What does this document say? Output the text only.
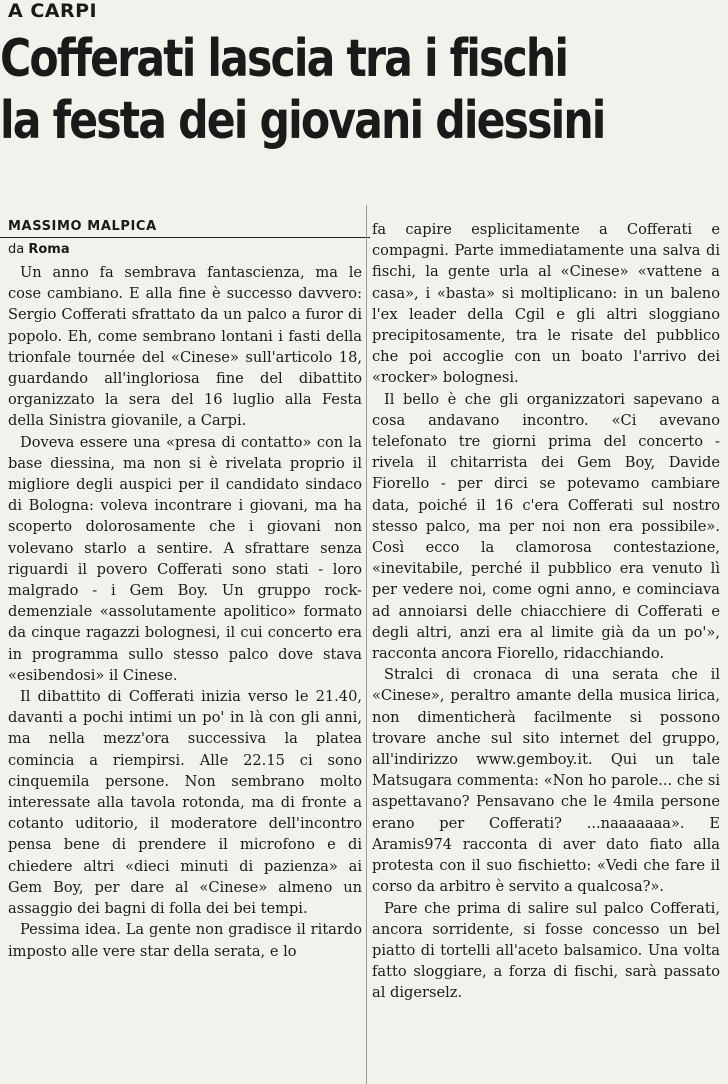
A CARPI
Cofferati lascia tra i fischi
la festa dei giovani diessini
MASSIMO MALPICA
da Roma

Un anno fa sembrava fantascienza, ma le cose cambiano. E alla fine è successo davvero: Sergio Cofferati sfrattato da un palco a furor di popolo. Eh, come sembrano lontani i fasti della trionfale tournée del «Cinese» sull'articolo 18, guardando all'ingloriosa fine del dibattito organizzato la sera del 16 luglio alla Festa della Sinistra giovanile, a Carpi.

Doveva essere una «presa di contatto» con la base diessina, ma non si è rivelata proprio il migliore degli auspici per il candidato sindaco di Bologna: voleva incontrare i giovani, ma ha scoperto dolorosamente che i giovani non volevano starlo a sentire. A sfrattare senza riguardi il povero Cofferati sono stati - loro malgrado - i Gem Boy. Un gruppo rock-demenziale «assolutamente apolitico» formato da cinque ragazzi bolognesi, il cui concerto era in programma sullo stesso palco dove stava «esibendosi» il Cinese.

Il dibattito di Cofferati inizia verso le 21.40, davanti a pochi intimi un po' in là con gli anni, ma nella mezz'ora successiva la platea comincia a riempirsi. Alle 22.15 ci sono cinquemila persone. Non sembrano molto interessate alla tavola rotonda, ma di fronte a cotanto uditorio, il moderatore dell'incontro pensa bene di prendere il microfono e di chiedere altri «dieci minuti di pazienza» ai Gem Boy, per dare al «Cinese» almeno un assaggio dei bagni di folla dei bei tempi.

Pessima idea. La gente non gradisce il ritardo imposto alle vere star della serata, e lo

fa capire esplicitamente a Cofferati e compagni. Parte immediatamente una salva di fischi, la gente urla al «Cinese» «vattene a casa», i «basta» si moltiplicano: in un baleno l'ex leader della Cgil e gli altri sloggiano precipitosamente, tra le risate del pubblico che poi accoglie con un boato l'arrivo dei «rocker» bolognesi.

Il bello è che gli organizzatori sapevano a cosa andavano incontro. «Ci avevano telefonato tre giorni prima del concerto - rivela il chitarrista dei Gem Boy, Davide Fiorello - per dirci se potevamo cambiare data, poiché il 16 c'era Cofferati sul nostro stesso palco, ma per noi non era possibile». Così ecco la clamorosa contestazione, «inevitabile, perché il pubblico era venuto lì per vedere noi, come ogni anno, e cominciava ad annoiarsi delle chiacchiere di Cofferati e degli altri, anzi era al limite già da un po'», racconta ancora Fiorello, ridacchiando.

Stralci di cronaca di una serata che il «Cinese», peraltro amante della musica lirica, non dimenticherà facilmente si possono trovare anche sul sito internet del gruppo, all'indirizzo www.gemboy.it. Qui un tale Matsugara commenta: «Non ho parole... che si aspettavano? Pensavano che le 4mila persone erano per Cofferati? ...naaaaaaa». E Aramis974 racconta di aver dato fiato alla protesta con il suo fischietto: «Vedi che fare il corso da arbitro è servito a qualcosa?».

Pare che prima di salire sul palco Cofferati, ancora sorridente, si fosse concesso un bel piatto di tortelli all'aceto balsamico. Una volta fatto sloggiare, a forza di fischi, sarà passato al digerselz.
